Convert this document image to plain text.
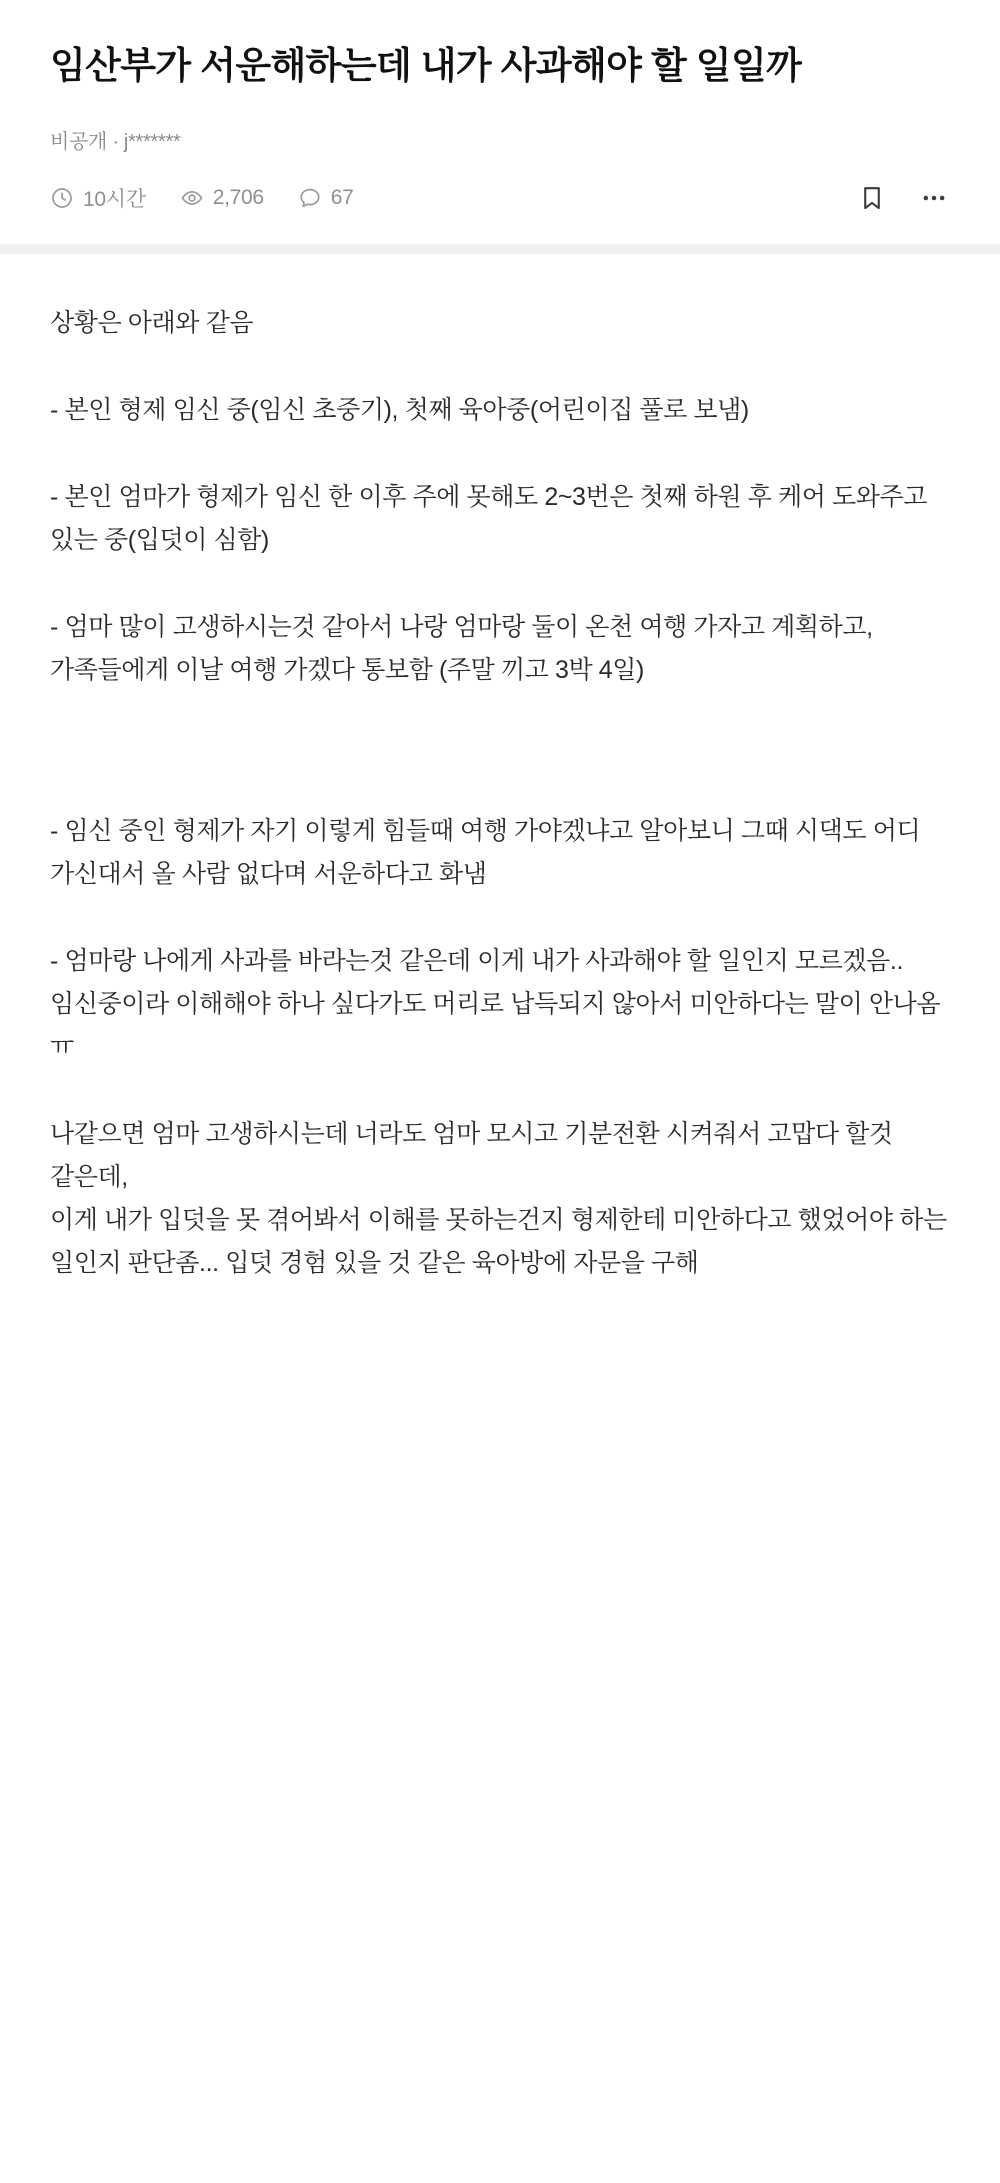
임산부가 서운해하는데 내가 사과해야 할 일일까
비공개 · j*******
10시간	2,706	67

상황은 아래와 같음

- 본인 형제 임신 중(임신 초중기), 첫째 육아중(어린이집 풀로 보냄)

- 본인 엄마가 형제가 임신 한 이후 주에 못해도 2~3번은 첫째 하원 후 케어 도와주고 있는 중(입덧이 심함)

- 엄마 많이 고생하시는것 같아서 나랑 엄마랑 둘이 온천 여행 가자고 계획하고, 가족들에게 이날 여행 가겠다 통보함 (주말 끼고 3박 4일)

- 임신 중인 형제가 자기 이렇게 힘들때 여행 가야겠냐고 알아보니 그때 시댁도 어디 가신대서 올 사람 없다며 서운하다고 화냄

- 엄마랑 나에게 사과를 바라는것 같은데 이게 내가 사과해야 할 일인지 모르겠음.. 임신중이라 이해해야 하나 싶다가도 머리로 납득되지 않아서 미안하다는 말이 안나옴 ㅠ

나같으면 엄마 고생하시는데 너라도 엄마 모시고 기분전환 시켜줘서 고맙다 할것 같은데,

이게 내가 입덧을 못 겪어봐서 이해를 못하는건지 형제한테 미안하다고 했었어야 하는 일인지 판단좀... 입덧 경험 있을 것 같은 육아방에 자문을 구해
